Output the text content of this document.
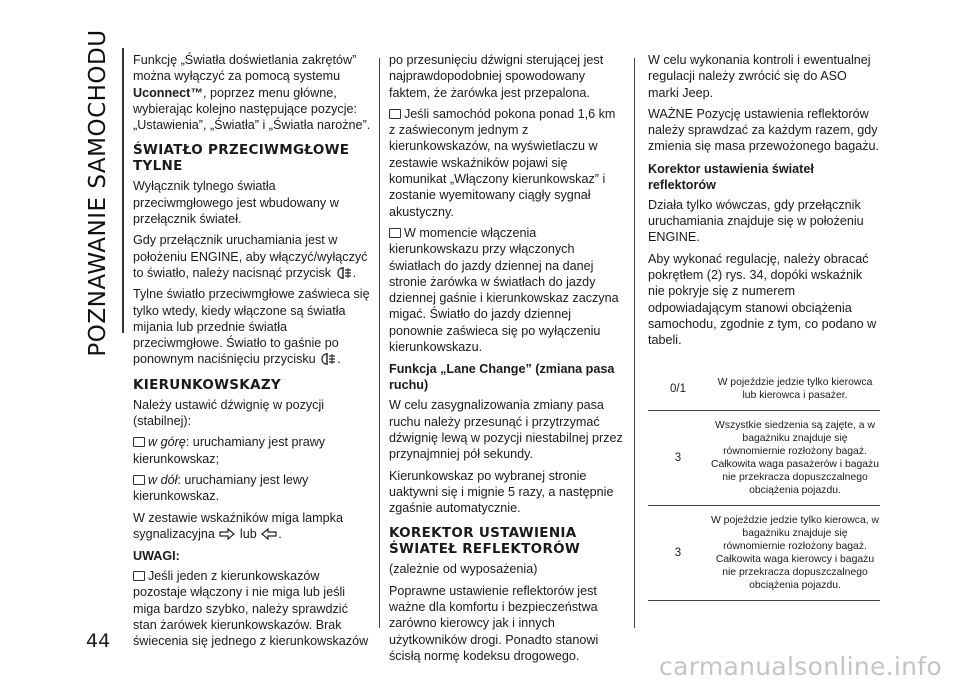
POZNAWANIE SAMOCHODU
44

Funkcję „Światła doświetlania zakrętów” można wyłączyć za pomocą systemu Uconnect™, poprzez menu główne, wybierając kolejno następujące pozycje: „Ustawienia”, „Światła” i „Światła narożne”.

ŚWIATŁO PRZECIWMGŁOWE TYLNE

Wyłącznik tylnego światła przeciwmgłowego jest wbudowany w przełącznik świateł.

Gdy przełącznik uruchamiania jest w położeniu ENGINE, aby włączyć/wyłączyć to światło, należy nacisnąć przycisk .

Tylne światło przeciwmgłowe zaświeca się tylko wtedy, kiedy włączone są światła mijania lub przednie światła przeciwmgłowe. Światło to gaśnie po ponownym naciśnięciu przycisku .

KIERUNKOWSKAZY

Należy ustawić dźwignię w pozycji (stabilnej):

w górę: uruchamiany jest prawy kierunkowskaz;

w dół: uruchamiany jest lewy kierunkowskaz.

W zestawie wskaźników miga lampka sygnalizacyjna lub .

UWAGI:

Jeśli jeden z kierunkowskazów pozostaje włączony i nie miga lub jeśli miga bardzo szybko, należy sprawdzić stan żarówek kierunkowskazów. Brak świecenia się jednego z kierunkowskazów

po przesunięciu dźwigni sterującej jest najprawdopodobniej spowodowany faktem, że żarówka jest przepalona.

Jeśli samochód pokona ponad 1,6 km z zaświeconym jednym z kierunkowskazów, na wyświetlaczu w zestawie wskaźników pojawi się komunikat „Włączony kierunkowskaz” i zostanie wyemitowany ciągły sygnał akustyczny.

W momencie włączenia kierunkowskazu przy włączonych światłach do jazdy dziennej na danej stronie żarówka w światłach do jazdy dziennej gaśnie i kierunkowskaz zaczyna migać. Światło do jazdy dziennej ponownie zaświeca się po wyłączeniu kierunkowskazu.

Funkcja „Lane Change” (zmiana pasa ruchu)

W celu zasygnalizowania zmiany pasa ruchu należy przesunąć i przytrzymać dźwignię lewą w pozycji niestabilnej przez przynajmniej pół sekundy.

Kierunkowskaz po wybranej stronie uaktywni się i mignie 5 razy, a następnie zgaśnie automatycznie.

KOREKTOR USTAWIENIA ŚWIATEŁ REFLEKTORÓW

(zależnie od wyposażenia)

Poprawne ustawienie reflektorów jest ważne dla komfortu i bezpieczeństwa zarówno kierowcy jak i innych użytkowników drogi. Ponadto stanowi ścisłą normę kodeksu drogowego.

W celu wykonania kontroli i ewentualnej regulacji należy zwrócić się do ASO marki Jeep.

WAŻNE Pozycję ustawienia reflektorów należy sprawdzać za każdym razem, gdy zmienia się masa przewożonego bagażu.

Korektor ustawienia świateł reflektorów

Działa tylko wówczas, gdy przełącznik uruchamiania znajduje się w położeniu ENGINE.

Aby wykonać regulację, należy obracać pokrętłem (2) rys. 34, dopóki wskaźnik nie pokryje się z numerem odpowiadającym stanowi obciążenia samochodu, zgodnie z tym, co podano w tabeli.

0/1	W pojeździe jedzie tylko kierowca lub kierowca i pasażer.
3	Wszystkie siedzenia są zajęte, a w bagażniku znajduje się równomiernie rozłożony bagaż. Całkowita waga pasażerów i bagażu nie przekracza dopuszczalnego obciążenia pojazdu.
3	W pojeździe jedzie tylko kierowca, w bagażniku znajduje się równomiernie rozłożony bagaż. Całkowita waga kierowcy i bagażu nie przekracza dopuszczalnego obciążenia pojazdu.
carmanualsonline.info
